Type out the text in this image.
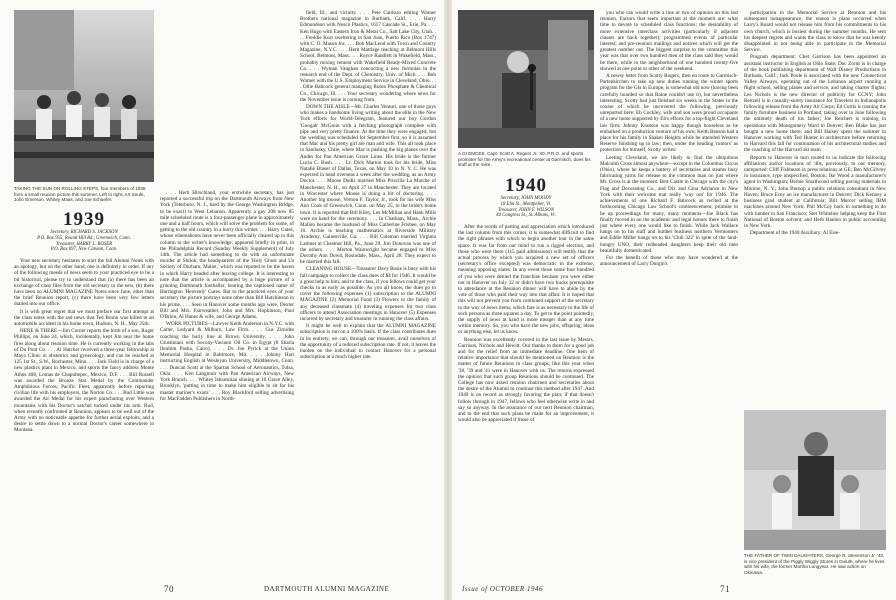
TAKING THE SUN ON ROLLING STEPS, four members of 1938 form a small reunion picture this summer. Left to right, Art Soule, John Emerson, Whitey Maas, and Joe Schaefer.
1939
Secretary, RICHARD S. JACKSON
P.O. Box 955, Round Hill Rd., Greenwich, Conn.
Treasurer, HARRY L. ROSEB
P.O. Box 697, New Canaan, Conn.

Your new secretary hesitates to start the fall Alumni Notes with an apology, but on the other hand, one is definitely in order. If any of the following meeds of news seem to your practiced eye to be a bit historical, please try to understand that (a) there has been an exchange of class files from the old secretary to the new, (b) there have been no ALUMNI MAGAZINE Notes since June, other than the brief Reunion report, (c) there have been very few letters mailed into our office.

It is with great regret that we must preface our first attempt at the class notes with the sad news that Ted Bronn was killed in an automobile accident in his home town, Hudson, N. H., May 25th.

HERE & THERE—Jim Corner reports the birth of a son, Roger Phillips, on June 24, which, incidentally, kept Jim near the home fires along about reunion time. He is currently working in the labs of Du Pont Co. . . . Al Hatcher received a three-year fellowship at Mayo Clinic in obstetrics and gynecology, and can be reached at 125 1st St., S.W., Rochester, Minn. . . . Jack Field is in charge of a new plastics plant in Mexico, and sports the fancy address Monte Athos 408, Lomas de Chapultepec, Mexico, D.F. . . . Bill Russell was awarded the Bronze Star Medal by the Commander Amphibious Forces, Pacific Fleet, apparently before reporting civilian life with his employers, the Norton Co. . . . Bud Little was awarded the Air Medal for his expert parachuting over Western mountains with his Doctor's satchel tucked under his arm. Bud, when recently confronted at Reunion, appears to be well out of the Army with no noticeable appetite for further aerial exploits, and a desire to settle down to a normal Doctor's career somewhere in Montana.

. . . Herb Hirschland, your erstwhile secretary, has just reported a successful trip on the Dartmouth Airways from New York (Teterboro, N. J., hard by the George Washington Bridge, to be exact) to West Lebanon. Apparently a gay 200 now 85 mile scheduled route is a four-passenger plane in approximately one and a half hours, which will solve the problem for some, of getting to the old country in a hurry this winter. . . . Harry Gates, whose whereabouts have never been officially cleared up in this column to the writer's knowledge, appeared briefly in print, in the Philadelphia Record (Sunday Weekly Supplement) of July 14th. The article had something to do with an unfortunate murder at Shiloh, the headquarters of the 'Holy Ghost and Us Society of Durham, Maine,' which was reputed to be the haven in which Harry headed after leaving college. It is interesting to note that the article is accompanied by a huge picture of a grinning Dartmouth footballer, bearing the captioned name of Harrington 'Heavenly' Gates. But to the practiced eyes of your secretary the picture portrays none other than Bill Hutchinson in his prime. . . . Seen in Hanover some months ago were, Dexter Bill and Mrs. Fairweather, John and Mrs. Hopkinson, Paul O'Brien, Al Hanes & wife, and George Adams.

WORK PICTURES—Lawyer Keith Anderson in N.Y.C. with Carter, Ledyard & Milburn, Law Firm. . . . Gus Zirnides coaching the burly line at Brown University. . . . John Giustiniani with Socony-Vacuum Oil Co. in Egypt (8 Sharia Ibrahim Pasha, Cairo). . . . Dr. Joe Pyrick at the Union Memorial Hospital in Baltimore, Md. . . . Johnny Hart instructing English at Wesleyan University, Middletown, Conn. . . . Duncan Scott at the Spartan School of Aeronautics, Tulsa, Okla. . . . Ken Langmuir with Pan American Airways, New York Branch. . . . Whitey Ishramtian shining at 10 Grace Alley, Brooklyn, 'putting in time to make him eligible to sit for his master mariner's exam.' . . . Roy Blackford selling advertising for MacFadden Publishers in North-

field, Ill., and vicinity. . . . Pete Cardozo editing Warner Brothers national magazine in Burbank, Calif. . . . Harry Edmondson with Nosco Plastics, 1617 Cascade St., Erie, Pa. . . . Ken Hugo with Eastern Iron & Metal Co., Salt Lake City, Utah. . . . Freddie Kurr sweltering in San Juan, Puerto Rico (Box 1747) with C. O. Mason Inc. . . . Bob MacLeod with Town and Country Magazine, N.Y.C. . . . Herb Mattlage teaching at Belmont Hills School, Belmont, Mass. . . . Royce Randlett in Wakefield, Mass., probably mixing cement with Wakefield Ready-Mixed Concrete Co. . . . Wyman Vaughan concocting a new formulas in the research end of the Dept. of Chemistry, Univ. of Mich. . . . Bob Warner with the U.S. Employment Service in Cleveland, Ohio. . . . Ollie Babcock general managing Rulon Phosphate & Chemical Co., Chicago, Ill. . . . Your secretary wondering where news for the November issue is coming from.

DOWN THE AISLE—Mr. Charles Venturi, one of those guys who makes a handsome living writing about the elite in the New York efforts for World-Telegram, featured our boy Gordon 'Googah' McGoun with a fetching photograph complete with pipe and very pretty finance. At the time they were engaged, but the wedding was scheduled for September first, so it is assumed that Mac and his pretty girl are man and wife. This all took place in Sandusky, Chile, where Mac is pushing the big planes over the Andes for Pan American Grace Lines. His bride is the former Lucia C. Bush. . . . Lt. Dick Marton took for his bride, Miss Natalie Blaser of Dallas, Texas, on May 10 in N. Y. C. He was expected in head overseas a week after the wedding, as an Army Doctor. . . . Moose Dudis married Miss Priscilla La Marche of Manchester, N. H., on April 27 in Manchester. They are located in Worcester where Moose is doing a bit of doctoring. . . . Another big moose, Vernon F. Taylor, Jr., took for his wife Miss Ann Cook of Greenwich, Conn. on May 25, in the bride's home town. It is reported that Bill Kiley, Les McMillan and Hank Mills were on hand for the ceremony. . . . In Chatham, Mass., Archie Mallon became the husband of Miss Catherine Frisbee, on May 16. Archie is teaching mathematics at Riverside Military Academy, Gainesville, Ga. . . . Bill Coleman married Virginia Latimer at Chestnut Hill, Pa., June 29. Jim Donovan was one of the ushers. . . . Merton Wainwright became engaged to Miss Dorothy Ann Dowd, Rosindale, Mass., April 28. They expect to be married this fall.

CLEANING HOUSE—Treasurer Davy Rosie is busy with his fall campaign to collect the class dues of $4 for 1946. It would be a great help to him, and to the class, if you fellows could get your checks in as early as possible. As you all know, the dues go to cover the following expenses (1) subscription to the ALUMNI MAGAZINE (2) Memorial Fund (3) Flowers to the family of any deceased classmate (4) traveling expenses for two class officers to attend Association meetings in Hanover (5) Expenses incurred by secretary and treasurer in running the class affairs.

It might be well to explain that the ALUMNI MAGAZINE subscription is run on a 100% basis. If the class contributes dues in its entirety, we can, through our treasurer, avail ourselves of the opportunity of a reduced subscription rate. If not, it leaves the burden on the individual to contact Hanover for a personal subscription at a much higher rate.

70	DARTMOUTH ALUMNI MAGAZINE
A GI EMCEE. Capt. Scott A. Rogers Jr. '40, P.R.O. and sports promoter for the Army's recreational center at Garmisch, does his stuff at the mike.
1940
Secretary, JOHN MOODY
18 Elm St., Montpelier, Vt.
Treasurer, JOHN F. WILSON
44 Congress St., St. Albans, Vt.

After the words of parting and appreciation which introduced the last column from this corner, it is somewhat difficult to find the right phrases with which to begin another tour in the same space. It was far from our mind to run a rigged election, and those who were there (115 paid admissions) will testify that the actual process by which you acquired a new set of officers (secretary's office excepted) was democratic in the extreme, meaning opposing slates. In any event those some four hundred of you who were denied the franchise because you were either not in Hanover on July 12 or didn't have two bucks prerequisite to attendance at the Reunion dinner will have to abide by the vote of those who paid their way into that affair. It is hoped that this will not prevent you from continued support of the secretary in the way of news items, which fare is as necessary to the life of such persons as three squares a day. To get to the point pointedly, the supply of news at hand is more meager than at any time within memory. So, you who have the new jobs, offspring, ideas or anything else, let us know.

Reunion was excellently covered in the last issue by Messrs. Garrison, Nichols and Hewitt. Our thanks to them for a good job and for the relief from an immediate deadline. One item of relative importance that should be mentioned on Reunion is the matter of future Reunions in class groups, like this year when '38, '39 and '41 were in Hanover with us. The returns expressed the opinion that such group Reunions should be continued. The College has now asked reunion chairmen and secretaries about the desire of the Alumni to continue this method after 1947. And 1940 is on record as strongly favoring the plan; if that doesn't follow through in 1947, fellows who feel otherwise write in and say so anyway. In the assurance of our next Reunion chairman, and to the end that such plans be made for an improvement, it would also be appreciated if those of

you who can would write a line or two of opinion on this last reunion. Factors that seem important at the moment are: what time to devote to scheduled class functions; the desirability of more extensive interclass activities (particularly if adjacent classes are back together); programmed events of particular interest; and pre-reunion mailings and notices which will get the greatest number out. The biggest surprise to the committee this year was that over two hundred men of the class said they would be there, while in the neighborhood of one hundred twenty-five showed at one point or other of the weekend.

A newsy letter from Scotty Rogers, then en route to Garmisch-Partenkirchen to take up new duties running the winter sports program for the GIs in Europe, is somewhat old now (having been carefully hoarded so that Raine couldn't use it), but nevertheless interesting. Scotty had just finished six weeks in the States in the course of which he uncovered the following, previously unreported here: Eb Cockley, wife and son were proud occupants of a new home supported by Eb's efforts for a top-flight Cleveland law firm; Johnny Knutson was happy though houseless as he embarked on a production venture of his own; Keith Benson had a place for his family in Shaker Heights while he attended Western Reserve finishing up in law; then, under the heading 'rumors' as protection for himself, Scotty writes:

Leeting Cleveland, we are likely to find the ubiquitous Malcolm Cross almost anywhere—except in the Columbus Circus (Ohio), where he keeps a battery of secretaries and steams busy fabricating yarns for release to the common man on just where Mr. Cross is at the moment. Bert Castle in Chicago with the city's Flag and Decorating Co., and Dix and Gina Adriance in New York with their welcome mat really 'way out' for 1946. The achievements of one Richard F. Babcock as recited at the forthcoming Chicago Law School's commencement, promise to be up proceedings for many, many moments—Joe Black has finally moved in on the academic and legal honors there to finish just where every one would like to finish. While Jack Wallace hangs on to his staff and lumber business northern Vermonters and Eddie Miller hangs on to his 'Club 322' in spite of the land-hungry UNO, their redheaded daughters keep their old men beautifully domesticated.

For the benefit of those who may have wondered at the announcement of Larry Durgin's

participation in the Memorial Service at Reunion and his subsequent nonappearance, the reason is plans occurred when Larry's Board would not release him from his commitments to his own church, which is busiest during the summer months. He sent his deepest regrets and wants the class to know that he was keenly disappointed in not being able to participate in the Memorial Service.

Program department: Chet Garrison has been appointed an assistant instructor in English at Ohio State; Doc Zorns is in charge of the book publishing department of Walt Disney Productions in Burbank, Calif.; Jack Poole is associated with the new Connecticut Valley Airways, operating out of the Lebanon airport running a flight school, selling planes and service, and taking charter flights; Les Nichols is the new director of publicity for CCNY; John Reitzell is in casualty-surety insurance for Travelers in Indianapolis following release from the Army Air Corps; Ed Curtis is running the family furniture business in Portland, taking over in June following the untimely death of his father; Joe Reichert is training in operations with Montgomery Ward in Denver; Ben Blake has just bought a new home there; and Bill Halsey spent the summer in Hanover working with Ted Hunter in architecture before returning to Harvard this fall for continuation of his architectural studies and the coaching of the Harvard ski team.

Reports to Hanover in turn routed to us indicate the following affiliations and/or locations of '40s, previously, to our memory, unreported: Cliff Fishbeam in press relations at GE; Ben McGilvrey in insurance, type unspecified, Boston; Ike Wood a manufacturer's agent in Washington; Bernie Smallwood selling paving materials in Monroe, N. Y.; John Burnop a public relations consultant in New Haven; Bruce Ecey an ice manufacturer in Denver; Dick Kenney a business grad student at California; Bill Mercer selling IBM machines around New York; Phil McCoy back in something to do with lumber in San Francisco; Stet Whitelaw helping keep the First National of Boston solvent; and Herb Hanlon in public accounting in New York.

Department of the 1940 Auxiliary: Al Eise-

THE FATHER OF TWIN DAUGHTERS, George R. Stevenson Jr. '40, is vice president of the Piggly Wiggly Stores in Duluth, where he lives with his wife, the former Martha Longyear. He saw action on Okinawa.
Issue of OCTOBER 1946	71
